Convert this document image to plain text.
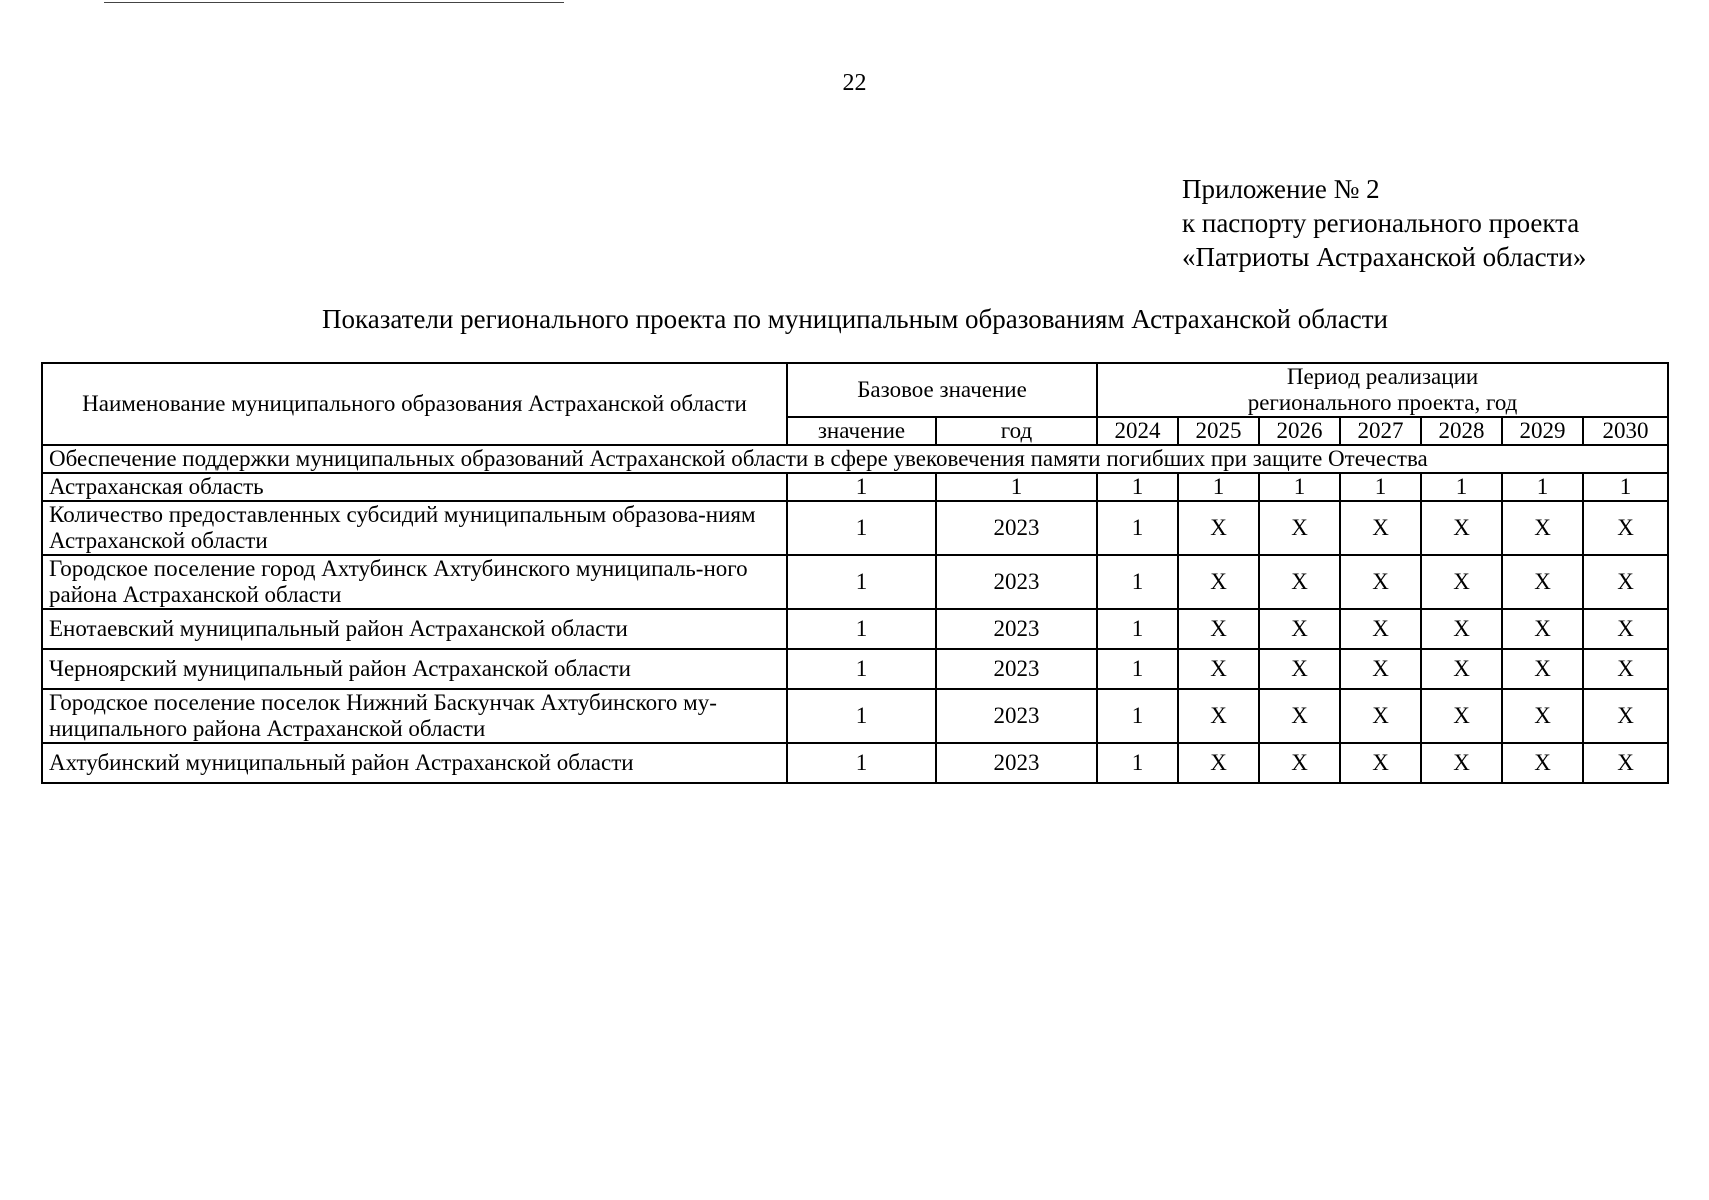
22
Приложение № 2
к паспорту регионального проекта
«Патриоты Астраханской области»
Показатели регионального проекта по муниципальным образованиям Астраханской области
Наименование муниципального образования Астраханской области	Базовое значение		Период реализации
регионального проекта, год						

	значение	год	2024	2025	2026	2027	2028	2029	2030
Обеспечение поддержки муниципальных образований Астраханской области в сфере увековечения памяти погибших при защите Отечества									
Астраханская область	1	1	1	1	1	1	1	1	1
Количество предоставленных субсидий муниципальным образова-ниям Астраханской области	1	2023	1	X	X	X	X	X	X
Городское поселение город Ахтубинск Ахтубинского муниципаль-ного района Астраханской области	1	2023	1	X	X	X	X	X	X
Енотаевский муниципальный район Астраханской области	1	2023	1	X	X	X	X	X	X
Черноярский муниципальный район Астраханской области	1	2023	1	X	X	X	X	X	X
Городское поселение поселок Нижний Баскунчак Ахтубинского му-ниципального района Астраханской области	1	2023	1	X	X	X	X	X	X
Ахтубинский муниципальный район Астраханской области	1	2023	1	X	X	X	X	X	X
